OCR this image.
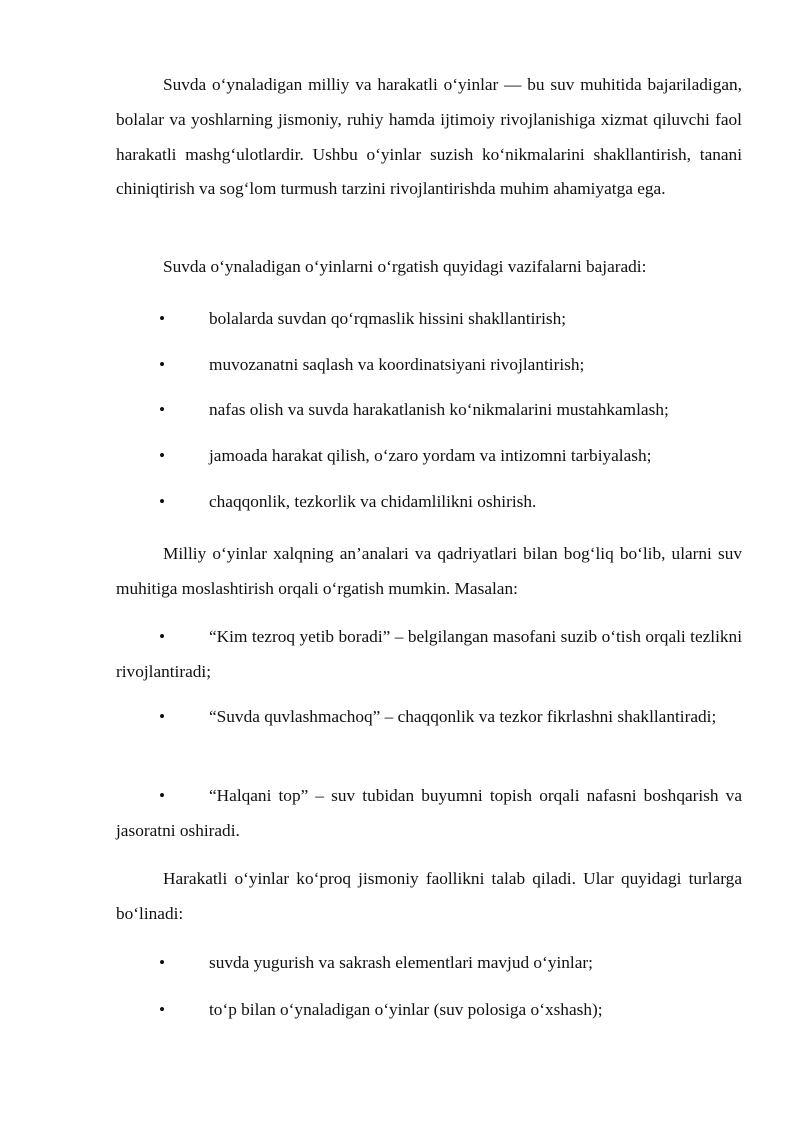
Suvda o‘ynaladigan milliy va harakatli o‘yinlar — bu suv muhitida bajariladigan, bolalar va yoshlarning jismoniy, ruhiy hamda ijtimoiy rivojlanishiga xizmat qiluvchi faol harakatli mashg‘ulotlardir. Ushbu o‘yinlar suzish ko‘nikmalarini shakllantirish, tanani chiniqtirish va sog‘lom turmush tarzini rivojlantirishda muhim ahamiyatga ega.

Suvda o‘ynaladigan o‘yinlarni o‘rgatish quyidagi vazifalarni bajaradi:

•	bolalarda suvdan qo‘rqmaslik hissini shakllantirish;
•	muvozanatni saqlash va koordinatsiyani rivojlantirish;
•	nafas olish va suvda harakatlanish ko‘nikmalarini mustahkamlash;
•	jamoada harakat qilish, o‘zaro yordam va intizomni tarbiyalash;
•	chaqqonlik, tezkorlik va chidamlilikni oshirish.

Milliy o‘yinlar xalqning an’analari va qadriyatlari bilan bog‘liq bo‘lib, ularni suv muhitiga moslashtirish orqali o‘rgatish mumkin. Masalan:

•	“Kim tezroq yetib boradi” – belgilangan masofani suzib o‘tish orqali tezlikni rivojlantiradi;
•	“Suvda quvlashmachoq” – chaqqonlik va tezkor fikrlashni shakllantiradi;
•	“Halqani top” – suv tubidan buyumni topish orqali nafasni boshqarish va jasoratni oshiradi.

Harakatli o‘yinlar ko‘proq jismoniy faollikni talab qiladi. Ular quyidagi turlarga bo‘linadi:

•	suvda yugurish va sakrash elementlari mavjud o‘yinlar;
•	to‘p bilan o‘ynaladigan o‘yinlar (suv polosiga o‘xshash);
